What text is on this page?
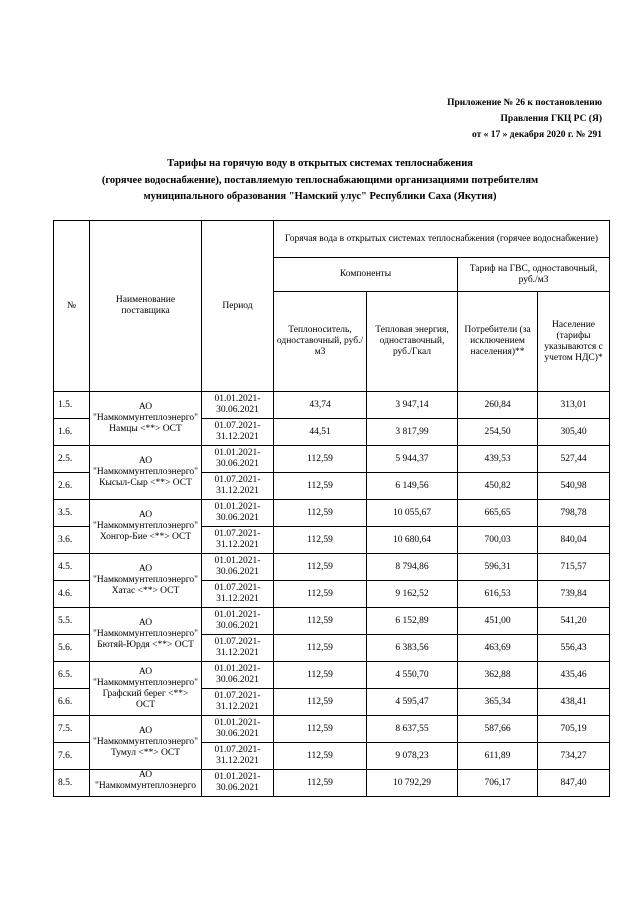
Приложение № 26 к постановлению
Правления ГКЦ РС (Я)
от « 17 » декабря 2020 г. № 291
Тарифы на горячую воду в открытых системах теплоснабжения
(горячее водоснабжение), поставляемую теплоснабжающими организациями потребителям
муниципального образования "Намский улус" Республики Саха (Якутия)
№	Наименование поставщика	Период	Горячая вода в открытых системах теплоснабжения (горячее водоснабжение)			
			Компоненты		Тариф на ГВС, одноставочный, руб./м3	
			Теплоноситель, одноставочный, руб./м3	Тепловая энергия, одноставочный, руб./Гкал	Потребители (за исключением населения)**	Население (тарифы указываются с учетом НДС)*
1.5.	АО "Намкоммунтеплоэнерго" Намцы <**> ОСТ	01.01.2021-30.06.2021	43,74	3 947,14	260,84	313,01
1.6.		01.07.2021-31.12.2021	44,51	3 817,99	254,50	305,40
2.5.	АО "Намкоммунтеплоэнерго" Кысыл-Сыр <**> ОСТ	01.01.2021-30.06.2021	112,59	5 944,37	439,53	527,44
2.6.		01.07.2021-31.12.2021	112,59	6 149,56	450,82	540,98
3.5.	АО "Намкоммунтеплоэнерго" Хонгор-Бие <**> ОСТ	01.01.2021-30.06.2021	112,59	10 055,67	665,65	798,78
3.6.		01.07.2021-31.12.2021	112,59	10 680,64	700,03	840,04
4.5.	АО "Намкоммунтеплоэнерго" Хатас <**> ОСТ	01.01.2021-30.06.2021	112,59	8 794,86	596,31	715,57
4.6.		01.07.2021-31.12.2021	112,59	9 162,52	616,53	739,84
5.5.	АО "Намкоммунтеплоэнерго" Бютяй-Юрдя <**> ОСТ	01.01.2021-30.06.2021	112,59	6 152,89	451,00	541,20
5.6.		01.07.2021-31.12.2021	112,59	6 383,56	463,69	556,43
6.5.	АО "Намкоммунтеплоэнерго" Графский берег <**> ОСТ	01.01.2021-30.06.2021	112,59	4 550,70	362,88	435,46
6.6.		01.07.2021-31.12.2021	112,59	4 595,47	365,34	438,41
7.5.	АО "Намкоммунтеплоэнерго" Тумул <**> ОСТ	01.01.2021-30.06.2021	112,59	8 637,55	587,66	705,19
7.6.		01.07.2021-31.12.2021	112,59	9 078,23	611,89	734,27
8.5.	АО "Намкоммунтеплоэнерго	01.01.2021-30.06.2021	112,59	10 792,29	706,17	847,40
